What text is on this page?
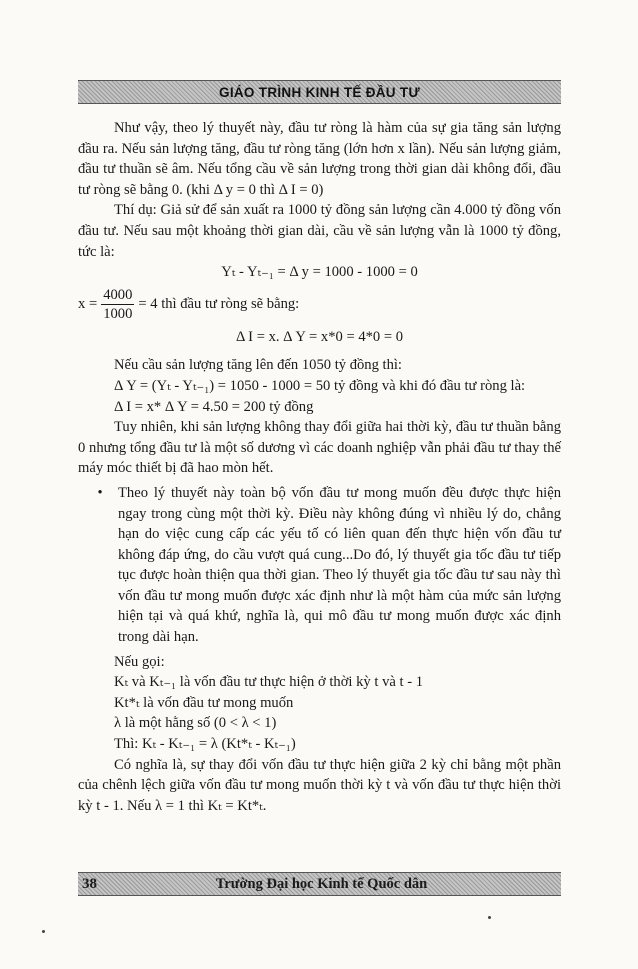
GIÁO TRÌNH KINH TẾ ĐẦU TƯ

Như vậy, theo lý thuyết này, đầu tư ròng là hàm của sự gia tăng sản lượng đầu ra. Nếu sản lượng tăng, đầu tư ròng tăng (lớn hơn x lần). Nếu sản lượng giảm, đầu tư thuần sẽ âm. Nếu tổng cầu về sản lượng trong thời gian dài không đổi, đầu tư ròng sẽ bằng 0. (khi Δ y = 0 thì Δ I = 0)

Thí dụ: Giả sử để sản xuất ra 1000 tỷ đồng sản lượng cần 4.000 tỷ đồng vốn đầu tư. Nếu sau một khoảng thời gian dài, cầu về sản lượng vẫn là 1000 tỷ đồng, tức là:

Yₜ - Yₜ₋₁ = Δ y = 1000 - 1000 = 0

$x = \frac{4000}{1000} = 4$ thì đầu tư ròng sẽ bằng:

Δ I = x. Δ Y = x*0 = 4*0 = 0

Nếu cầu sản lượng tăng lên đến 1050 tỷ đồng thì:

Δ Y = (Yₜ - Yₜ₋₁) = 1050 - 1000 = 50 tỷ đồng và khi đó đầu tư ròng là:

Δ I = x* Δ Y = 4.50 = 200 tỷ đồng

Tuy nhiên, khi sản lượng không thay đổi giữa hai thời kỳ, đầu tư thuần bằng 0 nhưng tổng đầu tư là một số dương vì các doanh nghiệp vẫn phải đầu tư thay thế máy móc thiết bị đã hao mòn hết.

•	Theo lý thuyết này toàn bộ vốn đầu tư mong muốn đều được thực hiện ngay trong cùng một thời kỳ. Điều này không đúng vì nhiều lý do, chẳng hạn do việc cung cấp các yếu tố có liên quan đến thực hiện vốn đầu tư không đáp ứng, do cầu vượt quá cung...Do đó, lý thuyết gia tốc đầu tư tiếp tục được hoàn thiện qua thời gian. Theo lý thuyết gia tốc đầu tư sau này thì vốn đầu tư mong muốn được xác định như là một hàm của mức sản lượng hiện tại và quá khứ, nghĩa là, qui mô đầu tư mong muốn được xác định trong dài hạn.

Nếu gọi:

Kₜ và Kₜ₋₁ là vốn đầu tư thực hiện ở thời kỳ t và t - 1

Kt*ₜ là vốn đầu tư mong muốn

λ là một hằng số (0 < λ < 1)

Thì: Kₜ - Kₜ₋₁ = λ (Kt*ₜ - Kₜ₋₁)

Có nghĩa là, sự thay đổi vốn đầu tư thực hiện giữa 2 kỳ chỉ bằng một phần của chênh lệch giữa vốn đầu tư mong muốn thời kỳ t và vốn đầu tư thực hiện thời kỳ t - 1. Nếu λ = 1 thì Kₜ = Kt*ₜ.

38	Trường Đại học Kinh tế Quốc dân
